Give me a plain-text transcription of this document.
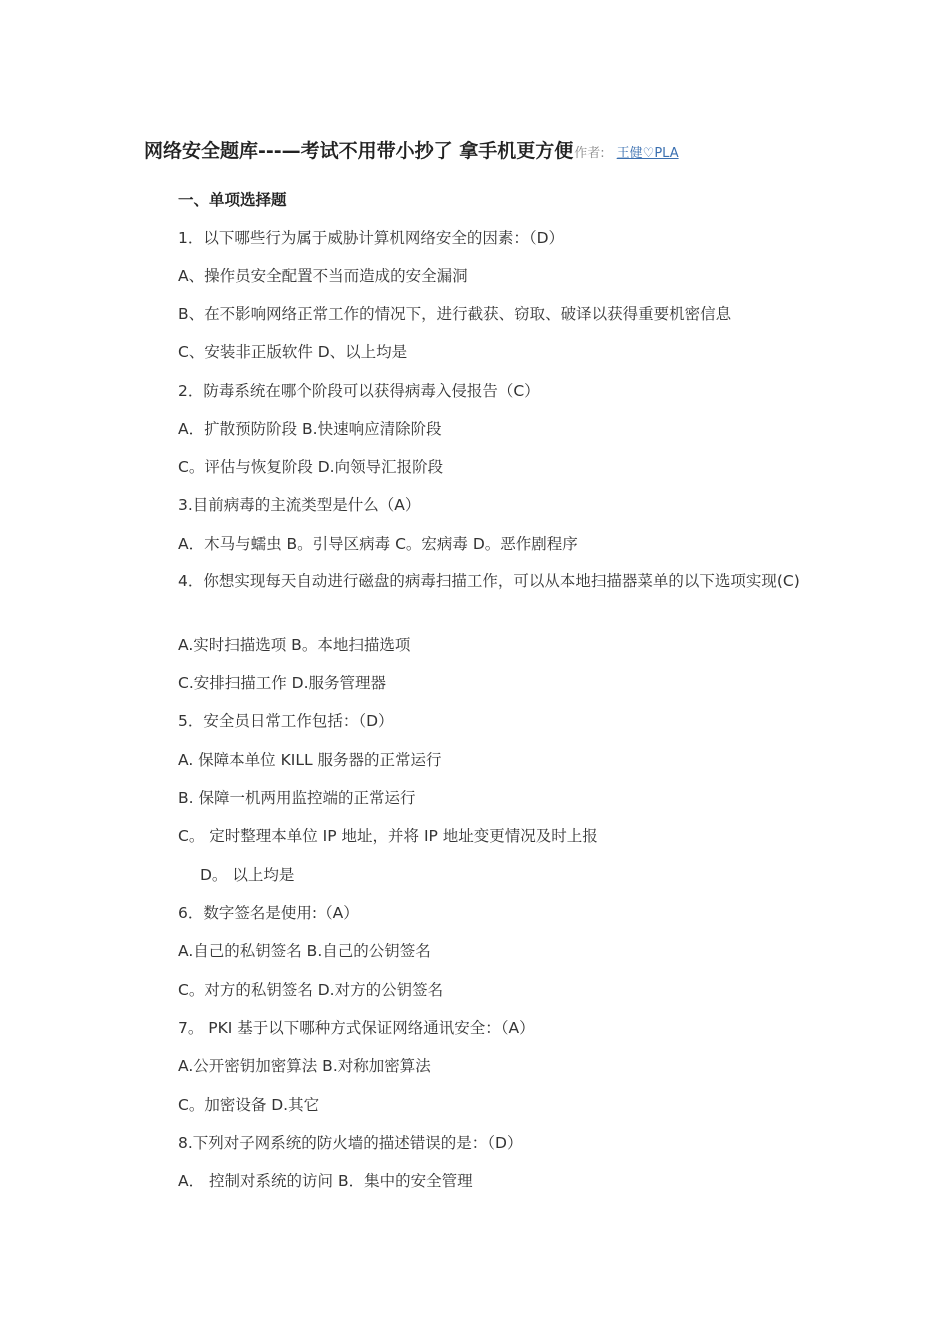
网络安全题库---—考试不用带小抄了 拿手机更方便 作者: 王健♡PLA
一、单项选择题
1．以下哪些行为属于威胁计算机网络安全的因素：（D）
A、操作员安全配置不当而造成的安全漏洞
B、在不影响网络正常工作的情况下，进行截获、窃取、破译以获得重要机密信息
C、安装非正版软件 D、以上均是
2．防毒系统在哪个阶段可以获得病毒入侵报告（C）
A．扩散预防阶段 B.快速响应清除阶段
C。评估与恢复阶段 D.向领导汇报阶段
3.目前病毒的主流类型是什么（A）
A．木马与蠕虫 B。引导区病毒 C。宏病毒 D。恶作剧程序
4．你想实现每天自动进行磁盘的病毒扫描工作，可以从本地扫描器菜单的以下选项实现(C)
A.实时扫描选项 B。本地扫描选项
C.安排扫描工作 D.服务管理器
5．安全员日常工作包括：（D）
A. 保障本单位 KILL 服务器的正常运行
B. 保障一机两用监控端的正常运行
C。 定时整理本单位 IP 地址，并将 IP 地址变更情况及时上报
D。 以上均是
6．数字签名是使用:（A）
A.自己的私钥签名 B.自己的公钥签名
C。对方的私钥签名 D.对方的公钥签名
7。 PKI 基于以下哪种方式保证网络通讯安全：（A）
A.公开密钥加密算法 B.对称加密算法
C。加密设备 D.其它
8.下列对子网系统的防火墙的描述错误的是：（D）
A． 控制对系统的访问 B．集中的安全管理
